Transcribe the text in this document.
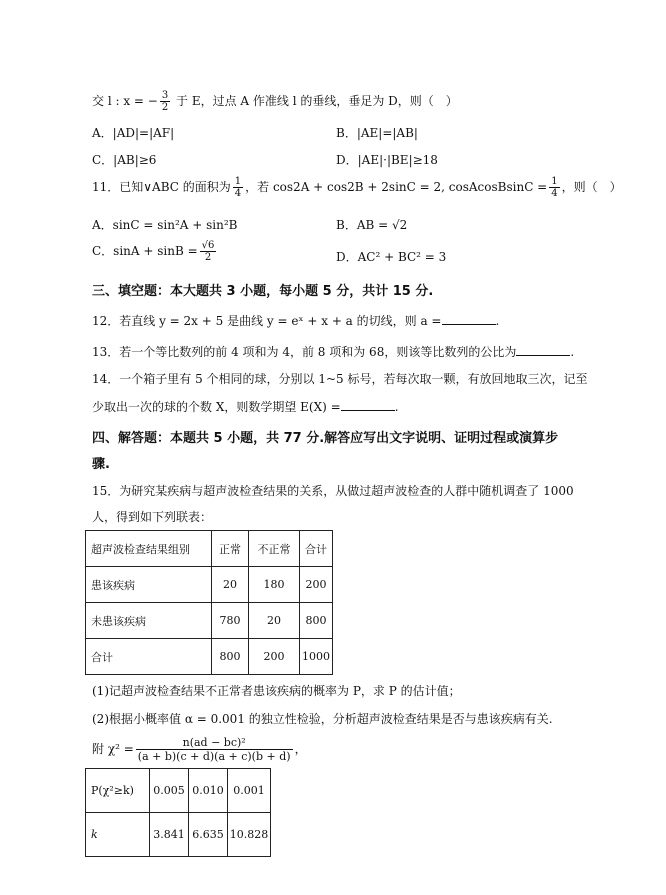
交 l : x = − $\frac{3}{2}$ 于 E，过点 A 作准线 l 的垂线，垂足为 D，则（　）
A．|AD|=|AF|	B．|AE|=|AB|
C．|AB|≥6	D．|AE|·|BE|≥18
11．已知∨ABC 的面积为 $\frac{1}{4}$ ，若 cos2A + cos2B + 2sinC = 2, cosAcosBsinC = $\frac{1}{4}$ ，则（　）
A．sinC = sin²A + sin²B	B．AB = √2
C．$\sin A + \sin B = \frac{√6}{2}$	D．AC² + BC² = 3
三、填空题：本大题共 3 小题，每小题 5 分，共计 15 分.
12．若直线 y = 2x + 5 是曲线 y = eˣ + x + a 的切线，则 a =	.
13．若一个等比数列的前 4 项和为 4，前 8 项和为 68，则该等比数列的公比为	.
14．一个箱子里有 5 个相同的球，分别以 1~5 标号，若每次取一颗，有放回地取三次，记至
少取出一次的球的个数 X，则数学期望 E(X) =	.
四、解答题：本题共 5 小题，共 77 分.解答应写出文字说明、证明过程或演算步
骤.
15．为研究某疾病与超声波检查结果的关系，从做过超声波检查的人群中随机调查了 1000
人，得到如下列联表：
超声波检查结果组别	正常	不正常	合计
患该疾病	20	180	200
未患该疾病	780	20	800
合计	800	200	1000
(1)记超声波检查结果不正常者患该疾病的概率为 P，求 P 的估计值；
(2)根据小概率值 α = 0.001 的独立性检验，分析超声波检查结果是否与患该疾病有关.
附 $\chi^2 = \frac{\text{n(ad − bc)²}}{(a + b)(c + d)(a + c)(b + d)}$ ，
P(χ²≥k)	0.005	0.010	0.001
k	3.841	6.635	10.828
